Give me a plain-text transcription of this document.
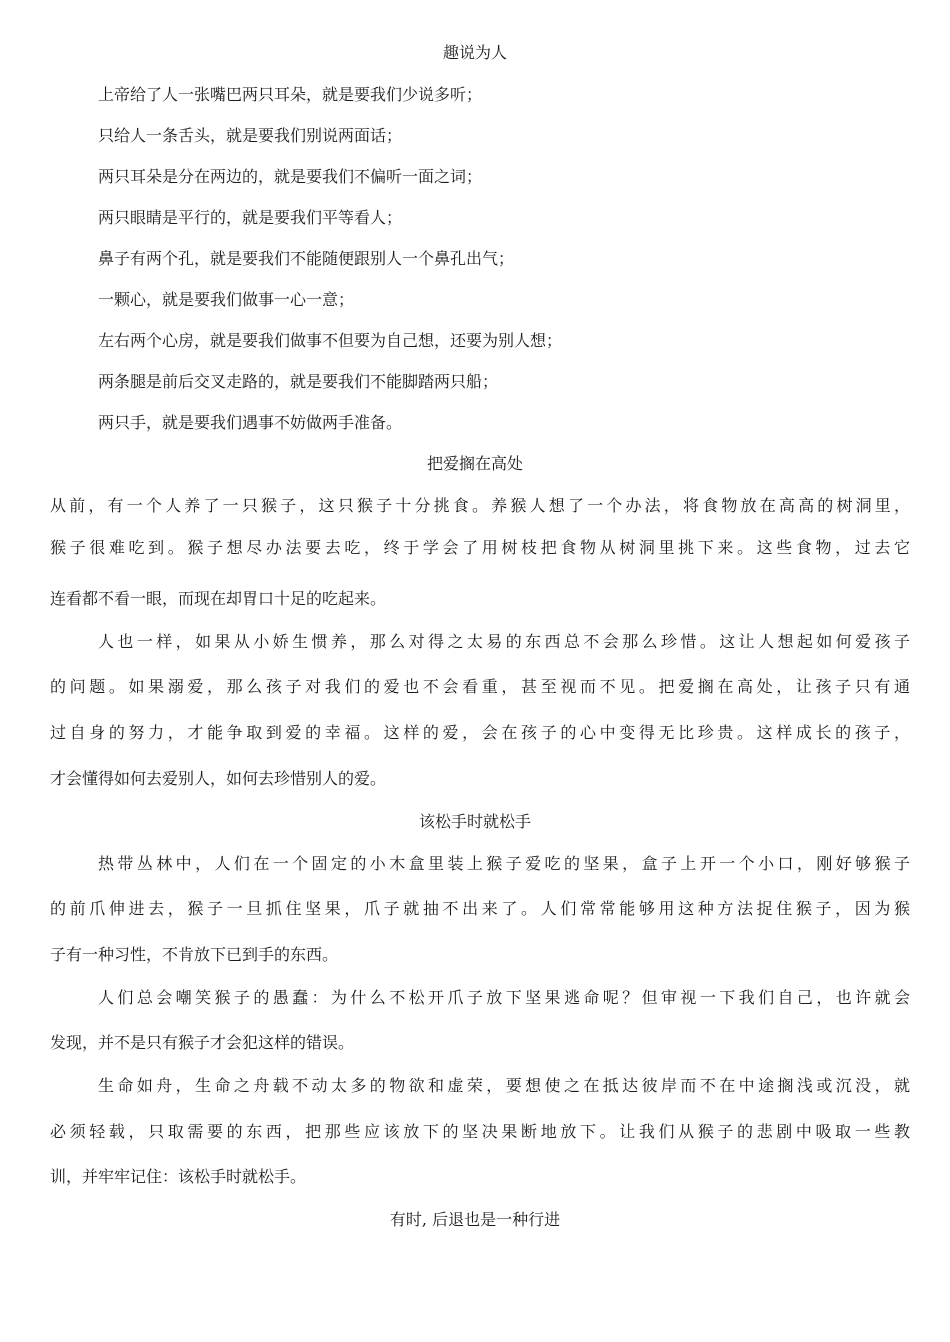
趣说为人
上帝给了人一张嘴巴两只耳朵，就是要我们少说多听；
只给人一条舌头，就是要我们别说两面话；
两只耳朵是分在两边的，就是要我们不偏听一面之词；
两只眼睛是平行的，就是要我们平等看人；
鼻子有两个孔，就是要我们不能随便跟别人一个鼻孔出气；
一颗心，就是要我们做事一心一意；
左右两个心房，就是要我们做事不但要为自己想，还要为别人想；
两条腿是前后交叉走路的，就是要我们不能脚踏两只船；
两只手，就是要我们遇事不妨做两手准备。
把爱搁在高处
从前，有一个人养了一只猴子，这只猴子十分挑食。养猴人想了一个办法，将食物放在高高的树洞里，
猴子很难吃到。猴子想尽办法要去吃，终于学会了用树枝把食物从树洞里挑下来。这些食物，过去它
连看都不看一眼，而现在却胃口十足的吃起来。
人也一样，如果从小娇生惯养，那么对得之太易的东西总不会那么珍惜。这让人想起如何爱孩子
的问题。如果溺爱，那么孩子对我们的爱也不会看重，甚至视而不见。把爱搁在高处，让孩子只有通
过自身的努力，才能争取到爱的幸福。这样的爱，会在孩子的心中变得无比珍贵。这样成长的孩子，
才会懂得如何去爱别人，如何去珍惜别人的爱。
该松手时就松手
热带丛林中，人们在一个固定的小木盒里装上猴子爱吃的坚果，盒子上开一个小口，刚好够猴子
的前爪伸进去，猴子一旦抓住坚果，爪子就抽不出来了。人们常常能够用这种方法捉住猴子，因为猴
子有一种习性，不肯放下已到手的东西。
人们总会嘲笑猴子的愚蠢：为什么不松开爪子放下坚果逃命呢？但审视一下我们自己，也许就会
发现，并不是只有猴子才会犯这样的错误。
生命如舟，生命之舟载不动太多的物欲和虚荣，要想使之在抵达彼岸而不在中途搁浅或沉没，就
必须轻载，只取需要的东西，把那些应该放下的坚决果断地放下。让我们从猴子的悲剧中吸取一些教
训，并牢牢记住：该松手时就松手。
有时, 后退也是一种行进
